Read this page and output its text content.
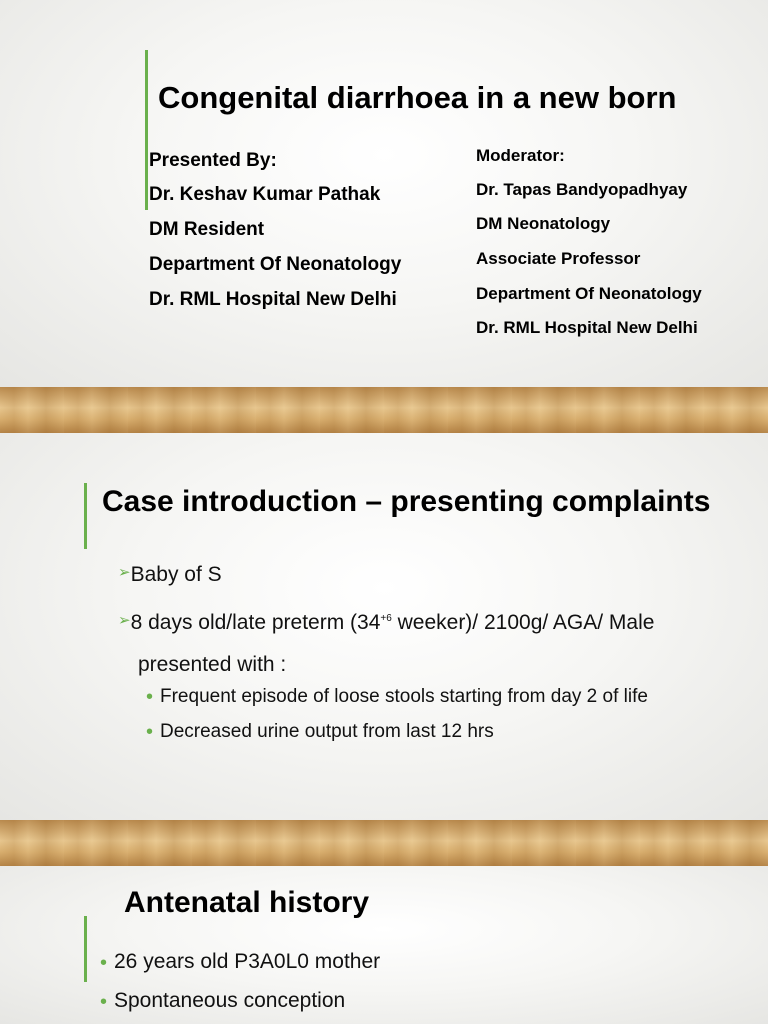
Congenital diarrhoea in a new born
Presented By:
Dr. Keshav Kumar Pathak
DM Resident
Department Of Neonatology
Dr. RML Hospital New Delhi
Moderator:
Dr. Tapas Bandyopadhyay
DM Neonatology
Associate Professor
Department Of Neonatology
Dr. RML Hospital New Delhi
Case introduction – presenting complaints
➢Baby of S
➢8 days old/late preterm ($34^{+6}$ weeker)/ 2100g/ AGA/ Male
presented with :
• Frequent episode of loose stools starting from day 2 of life
• Decreased urine output from last 12 hrs
Antenatal history
• 26 years old P3A0L0 mother
• Spontaneous conception
